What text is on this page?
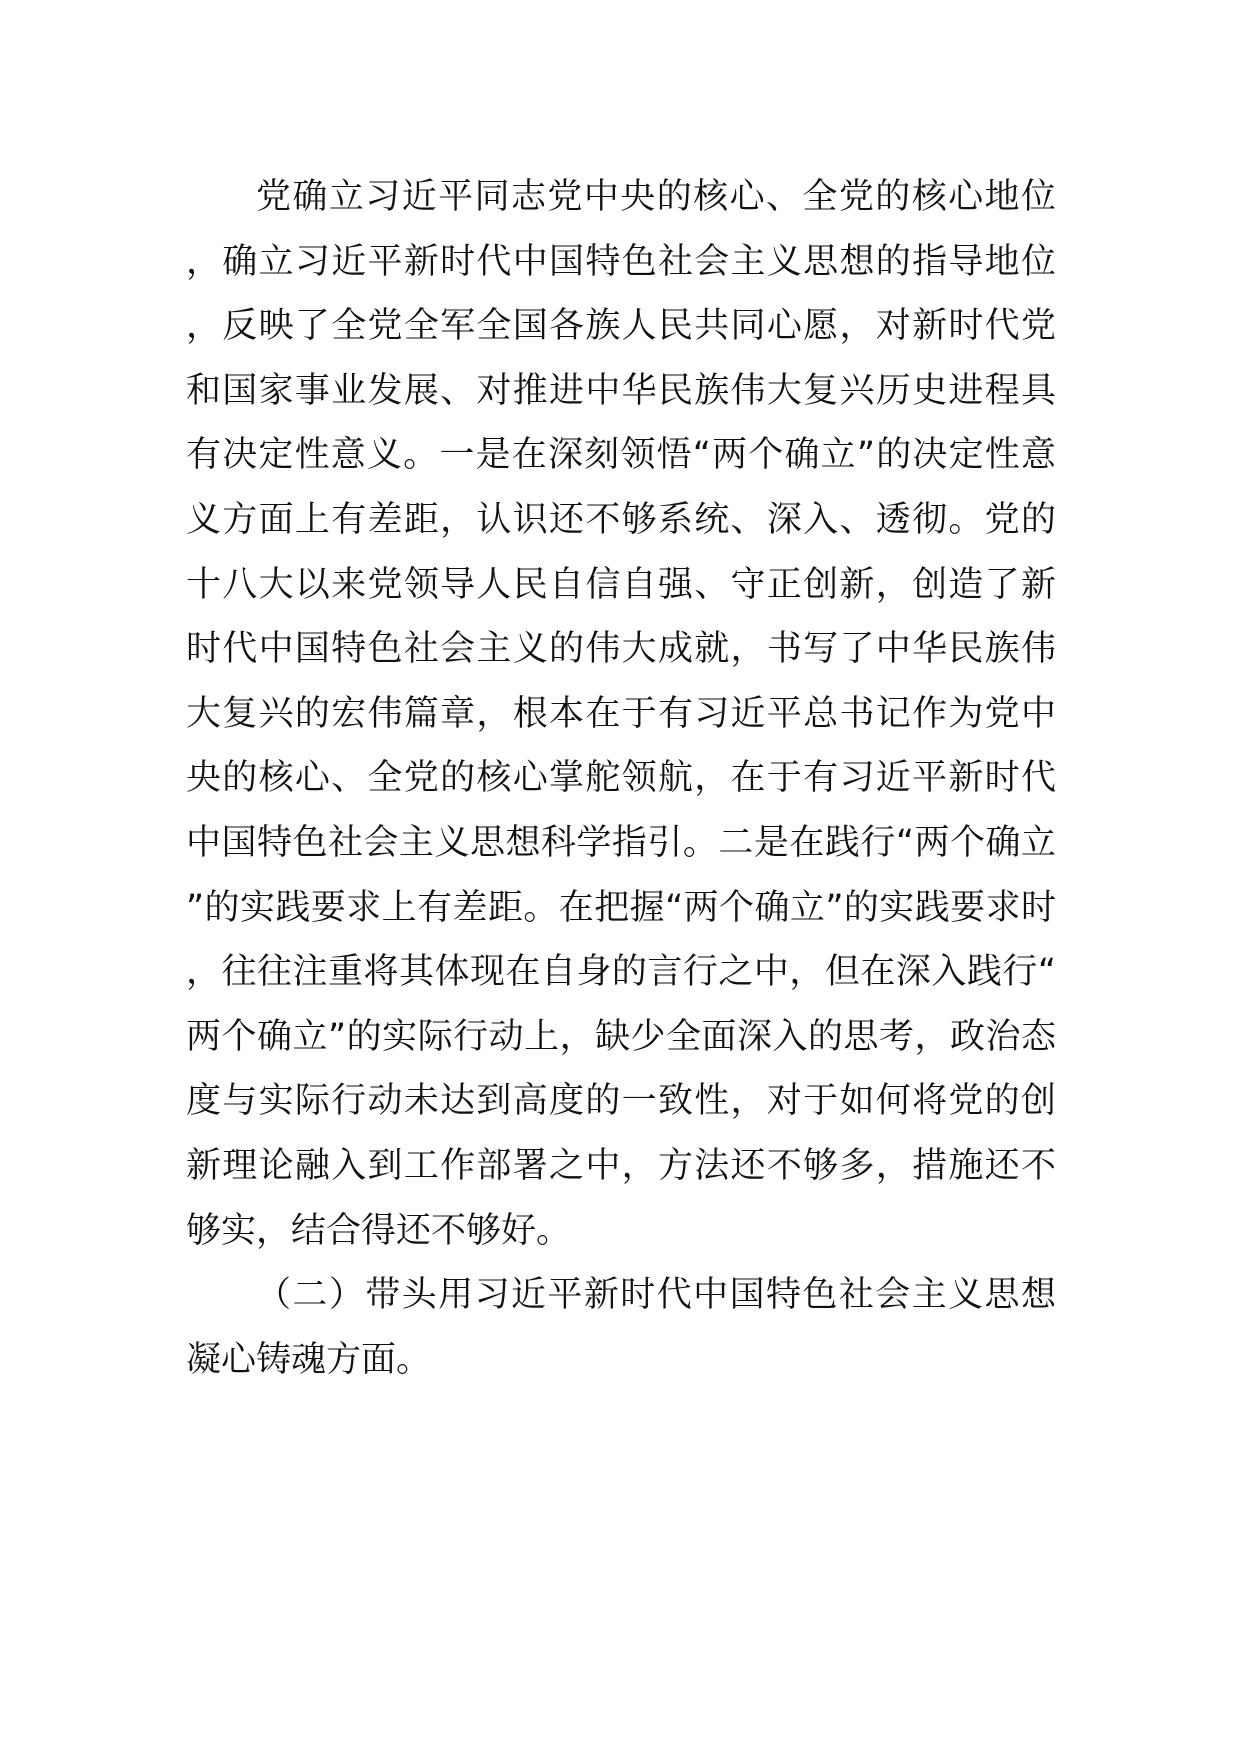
党确立习近平同志党中央的核心、全党的核心地位，确立习近平新时代中国特色社会主义思想的指导地位，反映了全党全军全国各族人民共同心愿，对新时代党和国家事业发展、对推进中华民族伟大复兴历史进程具有决定性意义。一是在深刻领悟“两个确立”的决定性意义方面上有差距，认识还不够系统、深入、透彻。党的十八大以来党领导人民自信自强、守正创新，创造了新时代中国特色社会主义的伟大成就，书写了中华民族伟大复兴的宏伟篇章，根本在于有习近平总书记作为党中央的核心、全党的核心掌舵领航，在于有习近平新时代中国特色社会主义思想科学指引。二是在践行“两个确立”的实践要求上有差距。在把握“两个确立”的实践要求时，往往注重将其体现在自身的言行之中，但在深入践行“两个确立”的实际行动上，缺少全面深入的思考，政治态度与实际行动未达到高度的一致性，对于如何将党的创新理论融入到工作部署之中，方法还不够多，措施还不够实，结合得还不够好。

（二）带头用习近平新时代中国特色社会主义思想凝心铸魂方面。
